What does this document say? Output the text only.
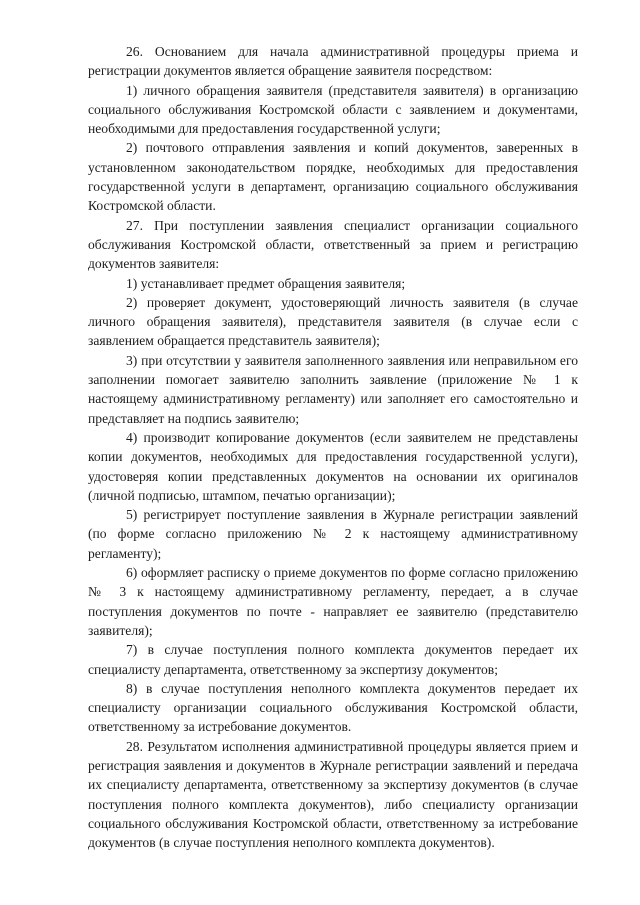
26. Основанием для начала административной процедуры приема и регистрации документов является обращение заявителя посредством:

1) личного обращения заявителя (представителя заявителя) в организацию социального обслуживания Костромской области с заявлением и документами, необходимыми для предоставления государственной услуги;

2) почтового отправления заявления и копий документов, заверенных в установленном законодательством порядке, необходимых для предоставления государственной услуги в департамент, организацию социального обслуживания Костромской области.

27. При поступлении заявления специалист организации социального обслуживания Костромской области, ответственный за прием и регистрацию документов заявителя:

1) устанавливает предмет обращения заявителя;

2) проверяет документ, удостоверяющий личность заявителя (в случае личного обращения заявителя), представителя заявителя (в случае если с заявлением обращается представитель заявителя);

3) при отсутствии у заявителя заполненного заявления или неправильном его заполнении помогает заявителю заполнить заявление (приложение № 1 к настоящему административному регламенту) или заполняет его самостоятельно и представляет на подпись заявителю;

4) производит копирование документов (если заявителем не представлены копии документов, необходимых для предоставления государственной услуги), удостоверяя копии представленных документов на основании их оригиналов (личной подписью, штампом, печатью организации);

5) регистрирует поступление заявления в Журнале регистрации заявлений (по форме согласно приложению № 2 к настоящему административному регламенту);

6) оформляет расписку о приеме документов по форме согласно приложению № 3 к настоящему административному регламенту, передает, а в случае поступления документов по почте - направляет ее заявителю (представителю заявителя);

7) в случае поступления полного комплекта документов передает их специалисту департамента, ответственному за экспертизу документов;

8) в случае поступления неполного комплекта документов передает их специалисту организации социального обслуживания Костромской области, ответственному за истребование документов.

28. Результатом исполнения административной процедуры является прием и регистрация заявления и документов в Журнале регистрации заявлений и передача их специалисту департамента, ответственному за экспертизу документов (в случае поступления полного комплекта документов), либо специалисту организации социального обслуживания Костромской области, ответственному за истребование документов (в случае поступления неполного комплекта документов).
